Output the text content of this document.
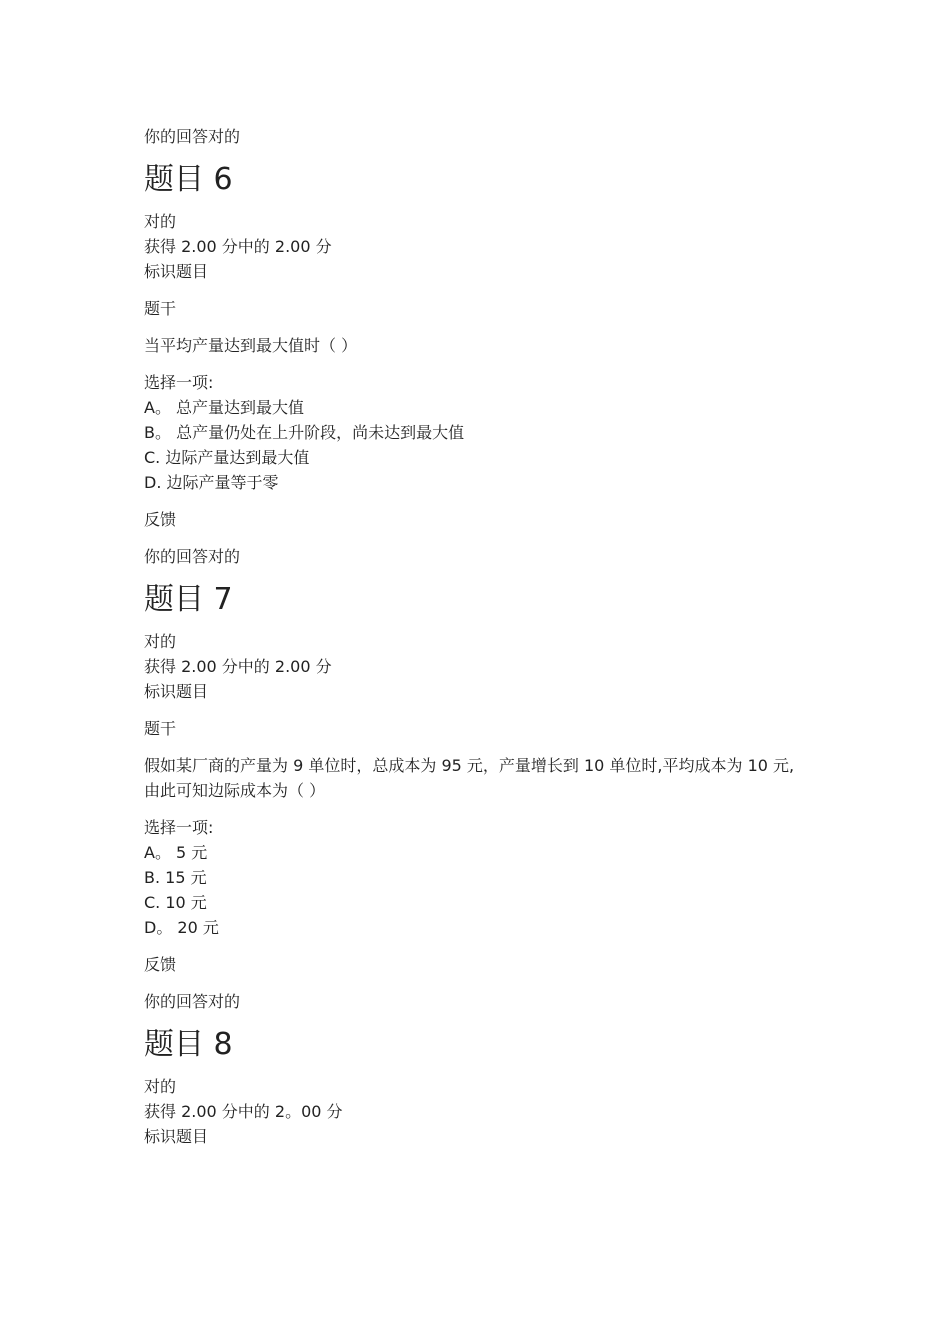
你的回答对的

题目 6

对的

获得 2.00 分中的 2.00 分

标识题目

题干

当平均产量达到最大值时（ ）

选择一项:

A。 总产量达到最大值

B。 总产量仍处在上升阶段，尚未达到最大值

C. 边际产量达到最大值

D. 边际产量等于零

反馈

你的回答对的

题目 7

对的

获得 2.00 分中的 2.00 分

标识题目

题干

假如某厂商的产量为 9 单位时，总成本为 95 元，产量增长到 10 单位时,平均成本为 10 元,

由此可知边际成本为（ ）

选择一项:

A。 5 元

B. 15 元

C. 10 元

D。 20 元

反馈

你的回答对的

题目 8

对的

获得 2.00 分中的 2。00 分

标识题目
